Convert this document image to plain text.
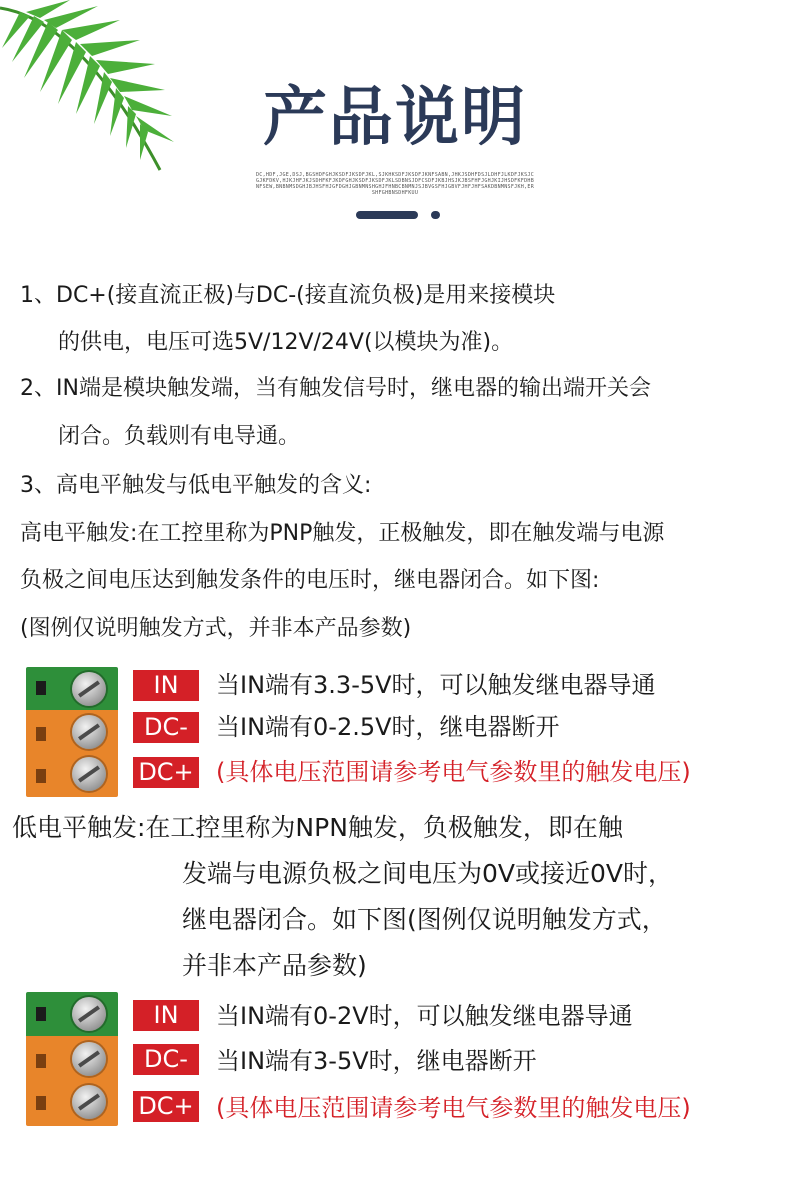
产品说明
DC,HDF,JGE,DSJ,BGSHDFGHJKSDFJKSDFJKL,SJKHKSDFJKSDFJKNFSABN,JHKJSDHFDSJLDHFJLKDFJKSJCGJKFDKV,HJKJHFJKJSDHFKFJKDFGHJKSDFJKSDFJKLSDBNSJDFCSDFJKBJHSJKJBSFHFJGHJKIJHSDFKFDHBNFSEW,BNBNMSDGHJBJHSFHJGFDGHJGBNMNSHGHJFHNBCBNMNJSJBVGSFHJGBVFJHFJHFSAKDBNMNSFJKH,ERSHFGHBNSDHFKUU
1、DC+(接直流正极)与DC-(接直流负极)是用来接模块
的供电，电压可选5V/12V/24V(以模块为准)。
2、IN端是模块触发端，当有触发信号时，继电器的输出端开关会
闭合。负载则有电导通。
3、高电平触发与低电平触发的含义:
高电平触发:在工控里称为PNP触发，正极触发，即在触发端与电源
负极之间电压达到触发条件的电压时，继电器闭合。如下图:
(图例仅说明触发方式，并非本产品参数)
IN
DC-
DC+
当IN端有3.3-5V时，可以触发继电器导通
当IN端有0-2.5V时，继电器断开
(具体电压范围请参考电气参数里的触发电压)
低电平触发:在工控里称为NPN触发，负极触发，即在触
发端与电源负极之间电压为0V或接近0V时，
继电器闭合。如下图(图例仅说明触发方式，
并非本产品参数)
IN
DC-
DC+
当IN端有0-2V时，可以触发继电器导通
当IN端有3-5V时，继电器断开
(具体电压范围请参考电气参数里的触发电压)
